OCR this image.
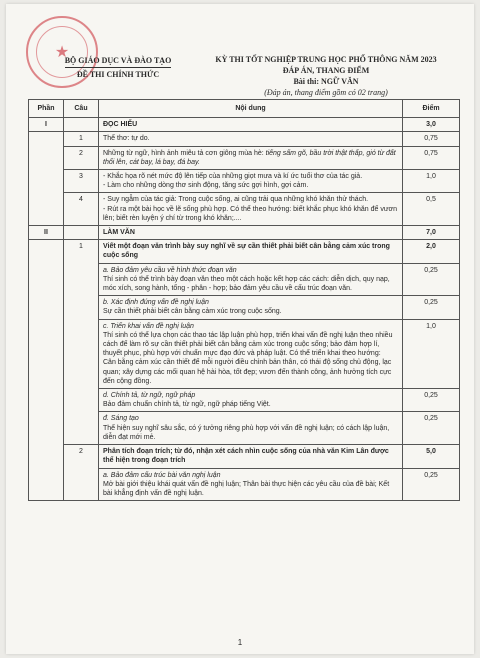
★
BỘ GIÁO DỤC VÀ ĐÀO TẠO
ĐỀ THI CHÍNH THỨC
KỲ THI TỐT NGHIỆP TRUNG HỌC PHỔ THÔNG NĂM 2023
ĐÁP ÁN, THANG ĐIỂM
Bài thi: NGỮ VĂN
(Đáp án, thang điểm gồm có 02 trang)
Phần	Câu	Nội dung	Điểm
I		ĐỌC HIỂU	3,0
	1	Thể thơ: tự do.	0,75
	2	Những từ ngữ, hình ảnh miêu tả cơn giông mùa hè: tiếng sấm gõ, bầu trời thật thấp, gió từ đất thổi lên, cát bay, lá bay, đá bay.	0,75
	3	- Khắc họa rõ nét mức độ lên tiếp của những giọt mưa và kí ức tuổi thơ của tác giả.
- Làm cho những dòng thơ sinh động, tăng sức gợi hình, gợi cảm.	1,0
	4	- Suy ngẫm của tác giả: Trong cuộc sống, ai cũng trải qua những khó khăn thử thách.
- Rút ra một bài học về lẽ sống phù hợp. Có thể theo hướng: biết khắc phục khó khăn để vươn lên; biết rèn luyện ý chí từ trong khó khăn;....	0,5
II		LÀM VĂN	7,0
	1	Viết một đoạn văn trình bày suy nghĩ về sự cần thiết phải biết cân bằng cảm xúc trong cuộc sống	2,0

		a. Bảo đảm yêu cầu về hình thức đoạn văn
Thí sinh có thể trình bày đoạn văn theo một cách hoặc kết hợp các cách: diễn dịch, quy nạp, móc xích, song hành, tổng - phân - hợp; bảo đảm yêu cầu về cấu trúc đoạn văn.	0,25

		b. Xác định đúng vấn đề nghị luận
Sự cần thiết phải biết cân bằng cảm xúc trong cuộc sống.	0,25

		c. Triển khai vấn đề nghị luận
Thí sinh có thể lựa chọn các thao tác lập luận phù hợp, triển khai vấn đề nghị luận theo nhiều cách để làm rõ sự cần thiết phải biết cân bằng cảm xúc trong cuộc sống; bảo đảm hợp lí, thuyết phục, phù hợp với chuẩn mực đạo đức và pháp luật. Có thể triển khai theo hướng:
Cân bằng cảm xúc cần thiết để mỗi người điều chỉnh bản thân, có thái độ sống chủ động, lạc quan; xây dựng các mối quan hệ hài hòa, tốt đẹp; vươn đến thành công, ảnh hưởng tích cực đến cộng đồng.	1,0

		d. Chính tả, từ ngữ, ngữ pháp
Bảo đảm chuẩn chính tả, từ ngữ, ngữ pháp tiếng Việt.	0,25

		đ. Sáng tạo
Thể hiện suy nghĩ sâu sắc, có ý tưởng riêng phù hợp với vấn đề nghị luận; có cách lập luận, diễn đạt mới mẻ.	0,25
	2	Phân tích đoạn trích; từ đó, nhận xét cách nhìn cuộc sống của nhà văn Kim Lân được thể hiện trong đoạn trích	5,0

		a. Bảo đảm cấu trúc bài văn nghị luận
Mở bài giới thiệu khái quát vấn đề nghị luận; Thân bài thực hiện các yêu cầu của đề bài; Kết bài khẳng định vấn đề nghị luận.	0,25
1
